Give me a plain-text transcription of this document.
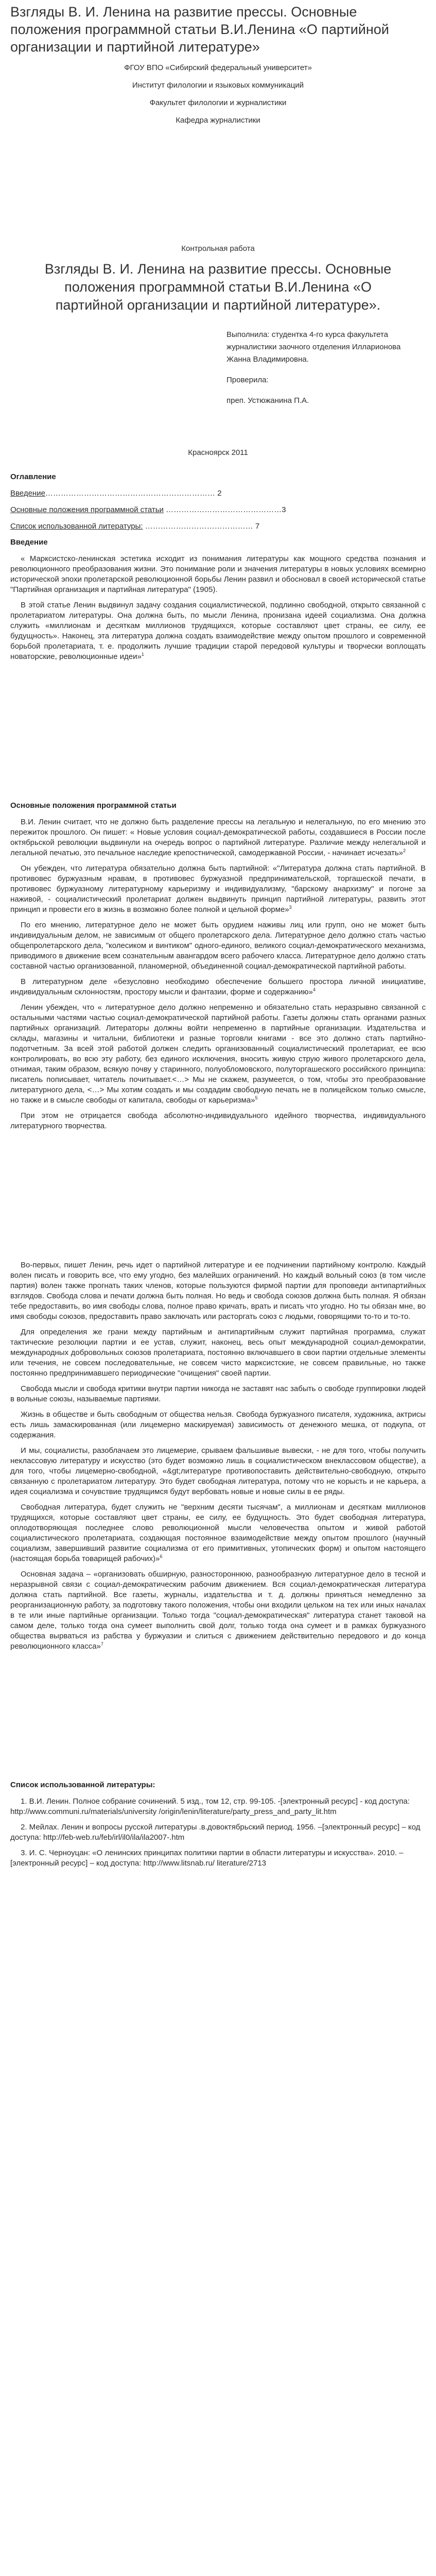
Взгляды В. И. Ленина на развитие прессы. Основные положения программной статьи В.И.Ленина «О партийной организации и партийной литературе»
ФГОУ ВПО «Сибирский федеральный университет»
Институт филологии и языковых коммуникаций
Факультет филологии и журналистики
Кафедра журналистики
Контрольная работа
Взгляды В. И. Ленина на развитие прессы. Основные положения программной статьи В.И.Ленина «О партийной организации и партийной литературе».

Выполнила: студентка 4-го курса факультета журналистики заочного отделения Илларионова Жанна Владимировна.

Проверила:

преп. Устюжанина П.А.

Красноярск 2011
Оглавление
Введение………………………………………………………… 2
Основные положения программной статьи ………………………………………3
Список использованной литературы: …………………………………… 7
Введение

« Марксистско-ленинская эстетика исходит из понимания литературы как мощного средства познания и революционного преобразования жизни. Это понимание роли и значения литературы в новых условиях всемирно исторической эпохи пролетарской революционной борьбы Ленин развил и обосновал в своей исторической статье "Партийная организация и партийная литература" (1905).

В этой статье Ленин выдвинул задачу создания социалистической, подлинно свободной, открыто связанной с пролетариатом литературы. Она должна быть, по мысли Ленина, пронизана идеей социализма. Она должна служить «миллионам и десяткам миллионов трудящихся, которые составляют цвет страны, ее силу, ее будущность». Наконец, эта литература должна создать взаимодействие между опытом прошлого и современной борьбой пролетариата, т. е. продолжить лучшие традиции старой передовой культуры и творчески воплощать новаторские, революционные идеи»$^1$

Основные положения программной статьи

В.И. Ленин считает, что не должно быть разделение прессы на легальную и нелегальную, по его мнению это пережиток прошлого. Он пишет: « Новые условия социал-демократической работы, создавшиеся в России после октябрьской революции выдвинули на очередь вопрос о партийной литературе. Различие между нелегальной и легальной печатью, это печальное наследие крепостнической, самодержавной России, - начинает исчезать»$^2$

Он убежден, что литература обязательно должна быть партийной: «"Литература должна стать партийной. В противовес буржуазным нравам, в противовес буржуазной предпринимательской, торгашеской печати, в противовес буржуазному литературному карьеризму и индивидуализму, "барскому анархизму" и погоне за наживой, - социалистический пролетариат должен выдвинуть принцип партийной литературы, развить этот принцип и провести его в жизнь в возможно более полной и цельной форме»$^3$

По его мнению, литературное дело не может быть орудием наживы лиц или групп, оно не может быть индивидуальным делом, не зависимым от общего пролетарского дела. Литературное дело должно стать частью общепролетарского дела, "колесиком и винтиком" одного-единого, великого социал-демократического механизма, приводимого в движение всем сознательным авангардом всего рабочего класса. Литературное дело должно стать составной частью организованной, планомерной, объединенной социал-демократической партийной работы.

В литературном деле «безусловно необходимо обеспечение большего простора личной инициативе, индивидуальным склонностям, простору мысли и фантазии, форме и содержанию»$^4$

Ленин убежден, что « литературное дело должно непременно и обязательно стать неразрывно связанной с остальными частями частью социал-демократической партийной работы. Газеты должны стать органами разных партийных организаций. Литераторы должны войти непременно в партийные организации. Издательства и склады, магазины и читальни, библиотеки и разные торговли книгами - все это должно стать партийно-подотчетным. За всей этой работой должен следить организованный социалистический пролетариат, ее всю контролировать, во всю эту работу, без единого исключения, вносить живую струю живого пролетарского дела, отнимая, таким образом, всякую почву у старинного, полуобломовского, полуторгашеского российского принципа: писатель пописывает, читатель почитывает.<…> Мы не скажем, разумеется, о том, чтобы это преобразование литературного дела, <…> Мы хотим создать и мы создадим свободную печать не в полицейском только смысле, но также и в смысле свободы от капитала, свободы от карьеризма»$^5$

При этом не отрицается свобода абсолютно-индивидуального идейного творчества, индивидуального литературного творчества.

Во-первых, пишет Ленин, речь идет о партийной литературе и ее подчинении партийному контролю. Каждый волен писать и говорить все, что ему угодно, без малейших ограничений. Но каждый вольный союз (в том числе партия) волен также прогнать таких членов, которые пользуются фирмой партии для проповеди антипартийных взглядов. Свобода слова и печати должна быть полная. Но ведь и свобода союзов должна быть полная. Я обязан тебе предоставить, во имя свободы слова, полное право кричать, врать и писать что угодно. Но ты обязан мне, во имя свободы союзов, предоставить право заключать или расторгать союз с людьми, говорящими то-то и то-то.

Для определения же грани между партийным и антипартийным служит партийная программа, служат тактические резолюции партии и ее устав, служит, наконец, весь опыт международной социал-демократии, международных добровольных союзов пролетариата, постоянно включавшего в свои партии отдельные элементы или течения, не совсем последовательные, не совсем чисто марксистские, не совсем правильные, но также постоянно предпринимавшего периодические "очищения" своей партии.

Свобода мысли и свобода критики внутри партии никогда не заставят нас забыть о свободе группировки людей в вольные союзы, называемые партиями.

Жизнь в обществе и быть свободным от общества нельзя. Свобода буржуазного писателя, художника, актрисы есть лишь замаскированная (или лицемерно маскируемая) зависимость от денежного мешка, от подкупа, от содержания.

И мы, социалисты, разоблачаем это лицемерие, срываем фальшивые вывески, - не для того, чтобы получить неклассовую литературу и искусство (это будет возможно лишь в социалистическом внеклассовом обществе), а для того, чтобы лицемерно-свободной, «&gt;литературе противопоставить действительно-свободную, открыто связанную с пролетариатом литературу. Это будет свободная литература, потому что не корысть и не карьера, а идея социализма и сочувствие трудящимся будут вербовать новые и новые силы в ее ряды.

Свободная литература, будет служить не "верхним десяти тысячам", а миллионам и десяткам миллионов трудящихся, которые составляют цвет страны, ее силу, ее будущность. Это будет свободная литература, оплодотворяющая последнее слово революционной мысли человечества опытом и живой работой социалистического пролетариата, создающая постоянное взаимодействие между опытом прошлого (научный социализм, завершивший развитие социализма от его примитивных, утопических форм) и опытом настоящего (настоящая борьба товарищей рабочих)»$^6$

Основная задача – «организовать обширную, разностороннюю, разнообразную литературное дело в тесной и неразрывной связи с социал-демократическим рабочим движением. Вся социал-демократическая литература должна стать партийной. Все газеты, журналы, издательства и т. д. должны приняться немедленно за реорганизационную работу, за подготовку такого положения, чтобы они входили цельком на тех или иных началах в те или иные партийные организации. Только тогда "социал-демократическая" литература станет таковой на самом деле, только тогда она сумеет выполнить свой долг, только тогда она сумеет и в рамках буржуазного общества вырваться из рабства у буржуазии и слиться с движением действительно передового и до конца революционного класса»$^7$

Список использованной литературы:

1. В.И. Ленин. Полное собрание сочинений. 5 изд., том 12, стр. 99-105. -[электронный ресурс] - код доступа: http://www.communi.ru/materials/university /origin/lenin/literature/party_press_and_party_lit.htm

2. Мейлах. Ленин и вопросы русской литературы .в.довоктябрьский период. 1956. –[электронный ресурс] – код доступа: http://feb-web.ru/feb/irl/il0/ila/ila2007-.htm

3. И. С. Черноуцан: «О ленинских принципах политики партии в области литературы и искусства». 2010. – [электронный ресурс] – код доступа: http://www.litsnab.ru/ literature/2713
